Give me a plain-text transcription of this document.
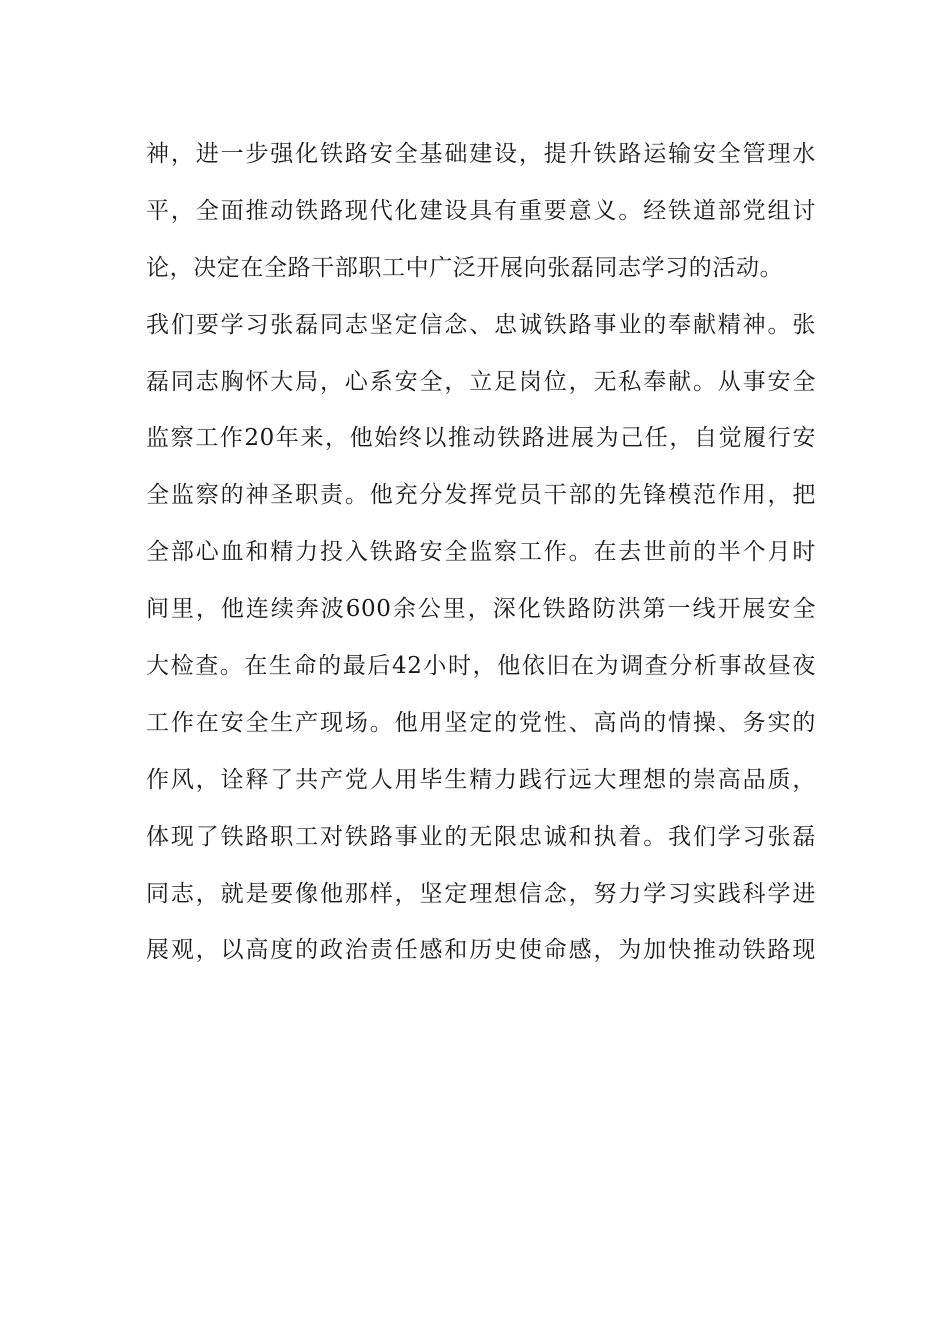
神，进一步强化铁路安全基础建设，提升铁路运输安全管理水
平，全面推动铁路现代化建设具有重要意义。经铁道部党组讨
论，决定在全路干部职工中广泛开展向张磊同志学习的活动。
我们要学习张磊同志坚定信念、忠诚铁路事业的奉献精神。张
磊同志胸怀大局，心系安全，立足岗位，无私奉献。从事安全
监察工作20年来，他始终以推动铁路进展为己任，自觉履行安
全监察的神圣职责。他充分发挥党员干部的先锋模范作用，把
全部心血和精力投入铁路安全监察工作。在去世前的半个月时
间里，他连续奔波600余公里，深化铁路防洪第一线开展安全
大检查。在生命的最后42小时，他依旧在为调查分析事故昼夜
工作在安全生产现场。他用坚定的党性、高尚的情操、务实的
作风，诠释了共产党人用毕生精力践行远大理想的崇高品质，
体现了铁路职工对铁路事业的无限忠诚和执着。我们学习张磊
同志，就是要像他那样，坚定理想信念，努力学习实践科学进
展观，以高度的政治责任感和历史使命感，为加快推动铁路现
